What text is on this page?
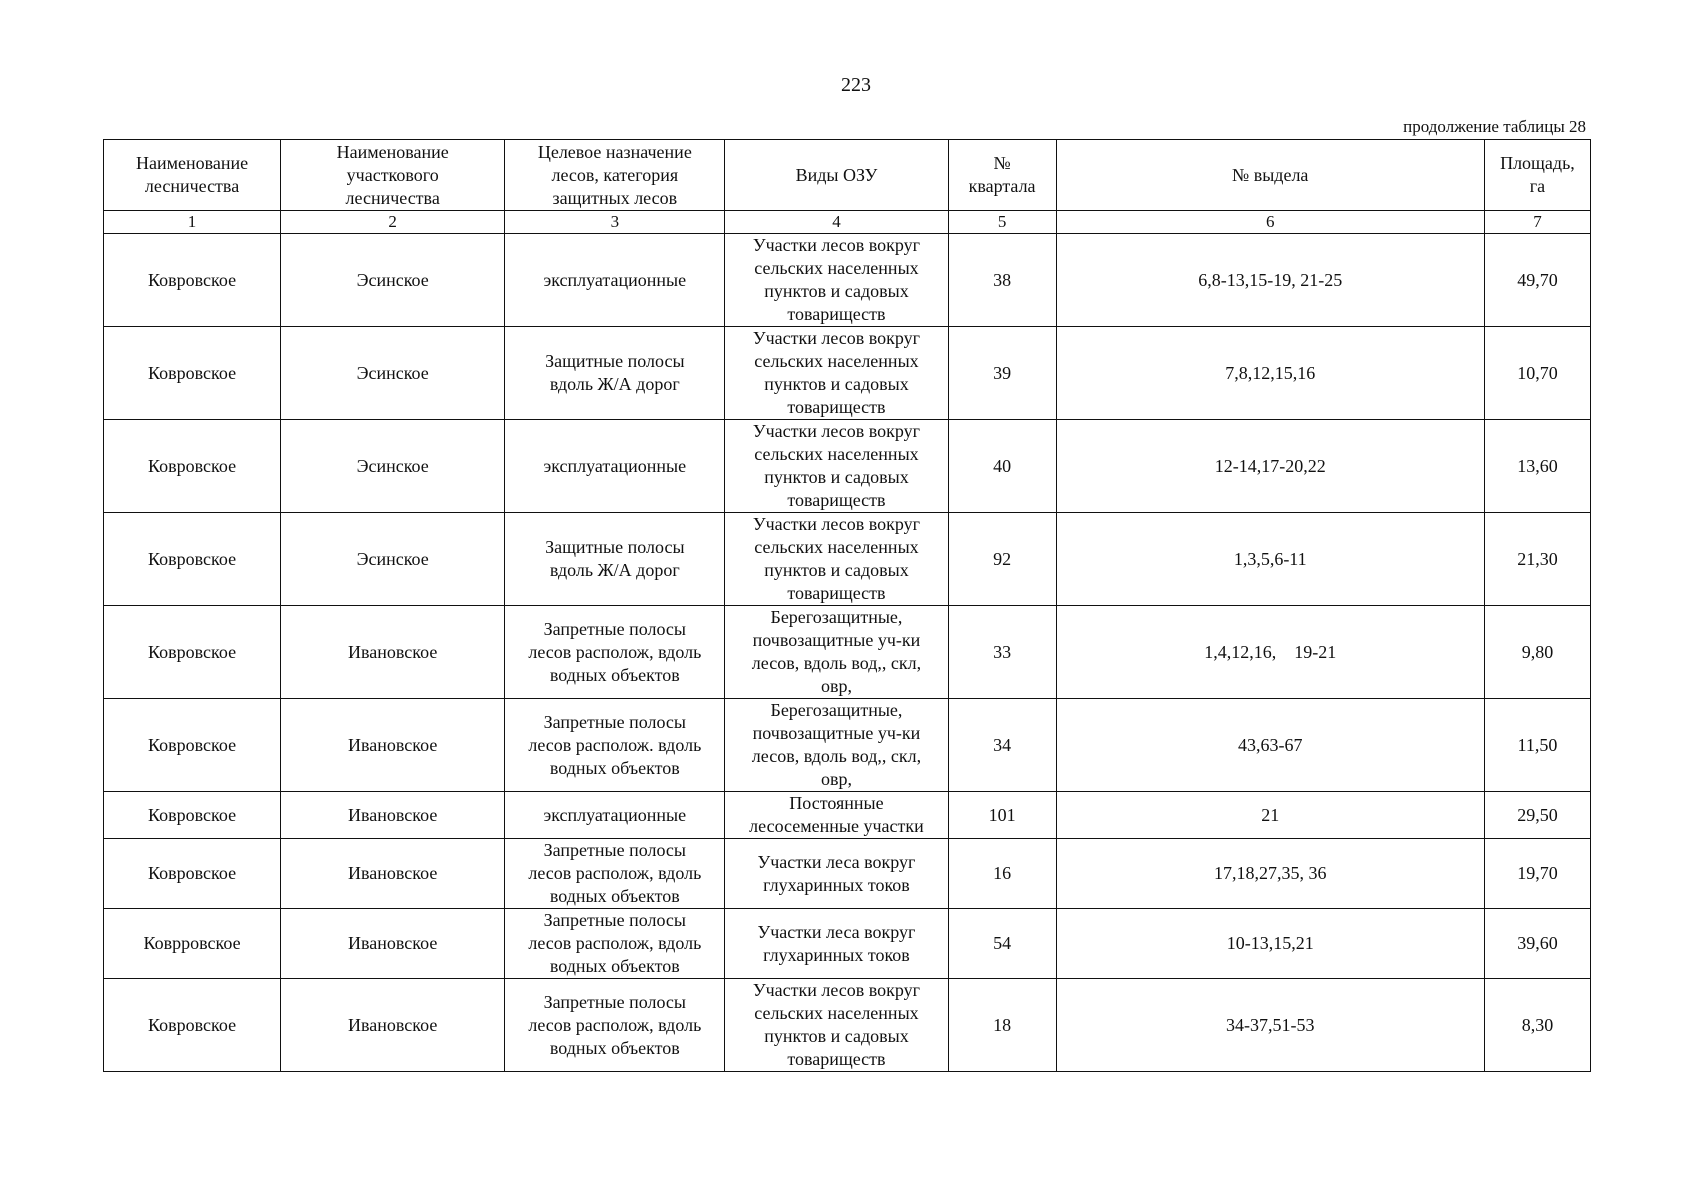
223
продолжение таблицы 28
Наименование
лесничества	Наименование
участкового
лесничества	Целевое назначение
лесов, категория
защитных лесов	Виды ОЗУ	№
квартала	№ выдела	Площадь,
га
1	2	3	4	5	6	7
Ковровское	Эсинское	эксплуатационные	Участки лесов вокруг
сельских населенных
пунктов и садовых
товариществ	38	6,8-13,15-19, 21-25	49,70
Ковровское	Эсинское	Защитные полосы
вдоль Ж/А дорог	Участки лесов вокруг
сельских населенных
пунктов и садовых
товариществ	39	7,8,12,15,16	10,70
Ковровское	Эсинское	эксплуатационные	Участки лесов вокруг
сельских населенных
пунктов и садовых
товариществ	40	12-14,17-20,22	13,60
Ковровское	Эсинское	Защитные полосы
вдоль Ж/А дорог	Участки лесов вокруг
сельских населенных
пунктов и садовых
товариществ	92	1,3,5,6-11	21,30
Ковровское	Ивановское	Запретные полосы
лесов располож, вдоль
водных объектов	Берегозащитные,
почвозащитные уч-ки
лесов, вдоль вод,, скл,
овр,	33	1,4,12,16,    19-21	9,80
Ковровское	Ивановское	Запретные полосы
лесов располож. вдоль
водных объектов	Берегозащитные,
почвозащитные уч-ки
лесов, вдоль вод,, скл,
овр,	34	43,63-67	11,50
Ковровское	Ивановское	эксплуатационные	Постоянные
лесосеменные участки	101	21	29,50
Ковровское	Ивановское	Запретные полосы
лесов располож, вдоль
водных объектов	Участки леса вокруг
глухаринных токов	16	17,18,27,35, 36	19,70
Коврровское	Ивановское	Запретные полосы
лесов располож, вдоль
водных объектов	Участки леса вокруг
глухаринных токов	54	10-13,15,21	39,60
Ковровское	Ивановское	Запретные полосы
лесов располож, вдоль
водных объектов	Участки лесов вокруг
сельских населенных
пунктов и садовых
товариществ	18	34-37,51-53	8,30
